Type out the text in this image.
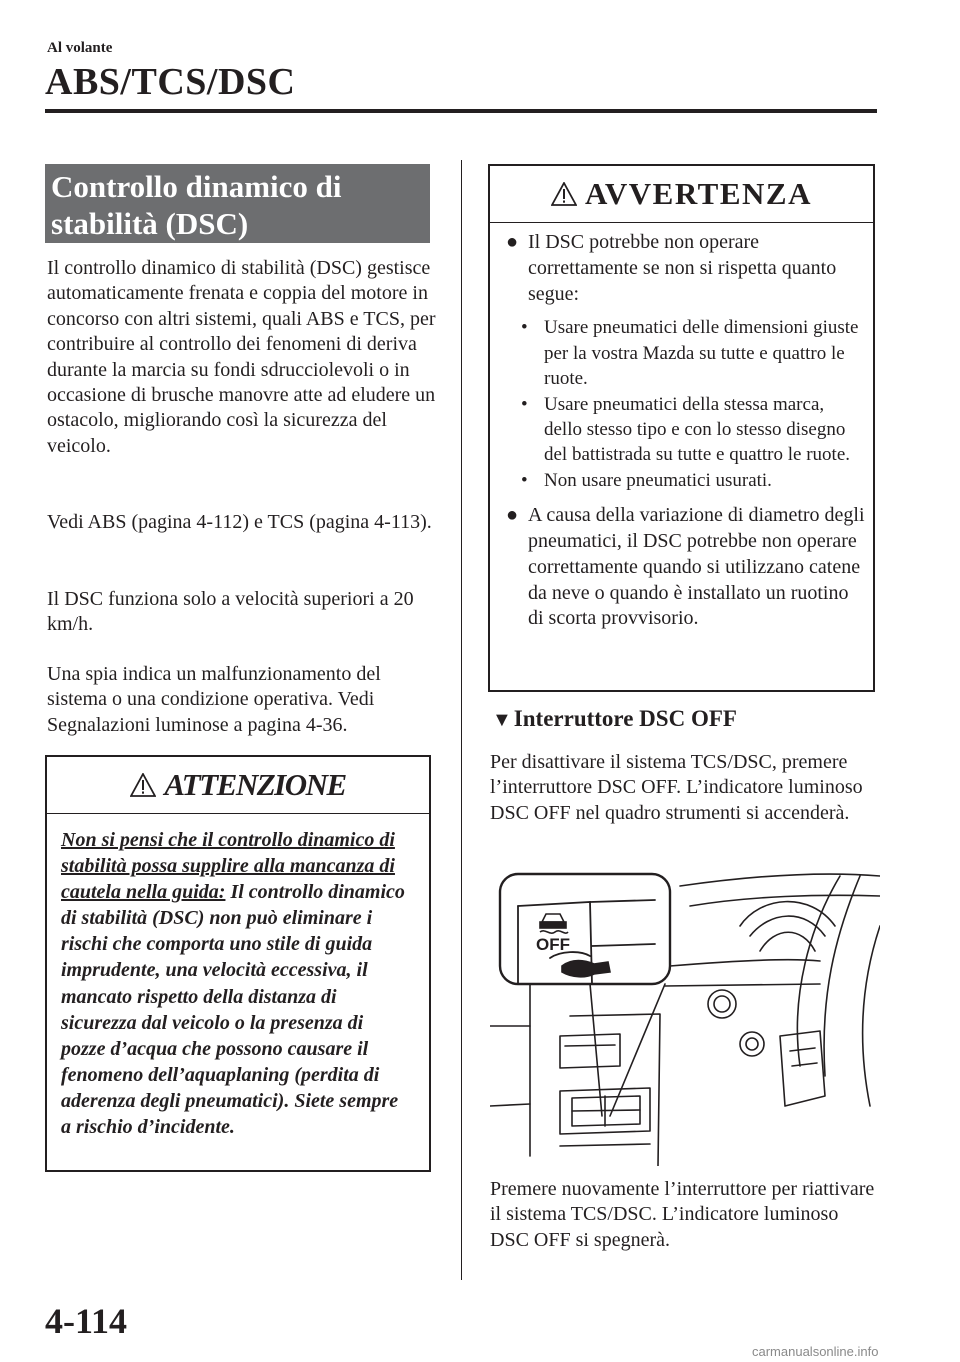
Al volante
ABS/TCS/DSC
Controllo dinamico di
stabilità (DSC)
Il controllo dinamico di stabilità (DSC) gestisce automaticamente frenata e coppia del motore in concorso con altri sistemi, quali ABS e TCS, per contribuire al controllo dei fenomeni di deriva durante la marcia su fondi sdrucciolevoli o in occasione di brusche manovre atte ad eludere un ostacolo, migliorando così la sicurezza del veicolo.
Vedi ABS (pagina 4-112) e TCS (pagina 4-113).
Il DSC funziona solo a velocità superiori a 20 km/h.
Una spia indica un malfunzionamento del sistema o una condizione operativa. Vedi Segnalazioni luminose a pagina 4-36.
ATTENZIONE
Non si pensi che il controllo dinamico di stabilità possa supplire alla mancanza di cautela nella guida: Il controllo dinamico di stabilità (DSC) non può eliminare i rischi che comporta uno stile di guida imprudente, una velocità eccessiva, il mancato rispetto della distanza di sicurezza dal veicolo o la presenza di pozze d’acqua che possono causare il fenomeno dell’aquaplaning (perdita di aderenza degli pneumatici). Siete sempre a rischio d’incidente.
AVVERTENZA
● Il DSC potrebbe non operare correttamente se non si rispetta quanto segue:
• Usare pneumatici delle dimensioni giuste per la vostra Mazda su tutte e quattro le ruote.
• Usare pneumatici della stessa marca, dello stesso tipo e con lo stesso disegno del battistrada su tutte e quattro le ruote.
• Non usare pneumatici usurati.
● A causa della variazione di diametro degli pneumatici, il DSC potrebbe non operare correttamente quando si utilizzano catene da neve o quando è installato un ruotino di scorta provvisorio.
▼Interruttore DSC OFF
Per disattivare il sistema TCS/DSC, premere l’interruttore DSC OFF. L’indicatore luminoso DSC OFF nel quadro strumenti si accenderà.
OFF
Premere nuovamente l’interruttore per riattivare il sistema TCS/DSC. L’indicatore luminoso DSC OFF si spegnerà.
4-114
carmanualsonline.info
